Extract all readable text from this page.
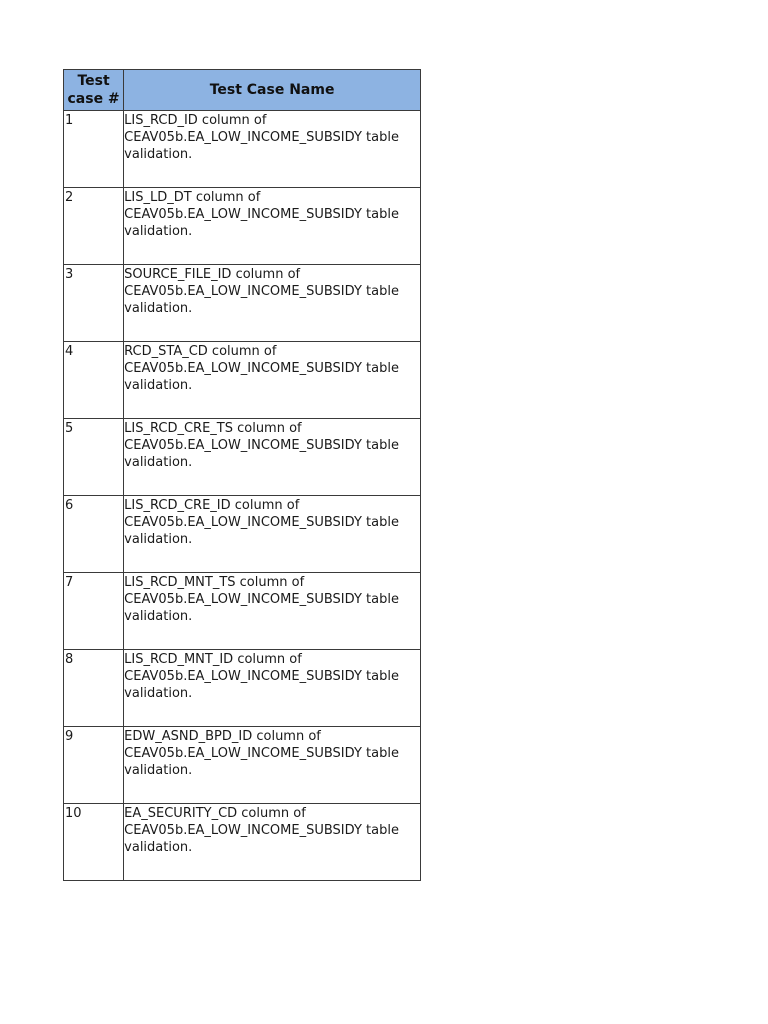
Test case #	Test Case Name

1	LIS_RCD_ID column of CEAV05b.EA_LOW_INCOME_SUBSIDY table validation.

2	LIS_LD_DT column of CEAV05b.EA_LOW_INCOME_SUBSIDY table validation.

3	SOURCE_FILE_ID column of CEAV05b.EA_LOW_INCOME_SUBSIDY table validation.

4	RCD_STA_CD column of CEAV05b.EA_LOW_INCOME_SUBSIDY table validation.

5	LIS_RCD_CRE_TS column of CEAV05b.EA_LOW_INCOME_SUBSIDY table validation.

6	LIS_RCD_CRE_ID column of CEAV05b.EA_LOW_INCOME_SUBSIDY table validation.

7	LIS_RCD_MNT_TS column of CEAV05b.EA_LOW_INCOME_SUBSIDY table validation.

8	LIS_RCD_MNT_ID column of CEAV05b.EA_LOW_INCOME_SUBSIDY table validation.

9	EDW_ASND_BPD_ID column of CEAV05b.EA_LOW_INCOME_SUBSIDY table validation.

10	EA_SECURITY_CD column of CEAV05b.EA_LOW_INCOME_SUBSIDY table validation.
